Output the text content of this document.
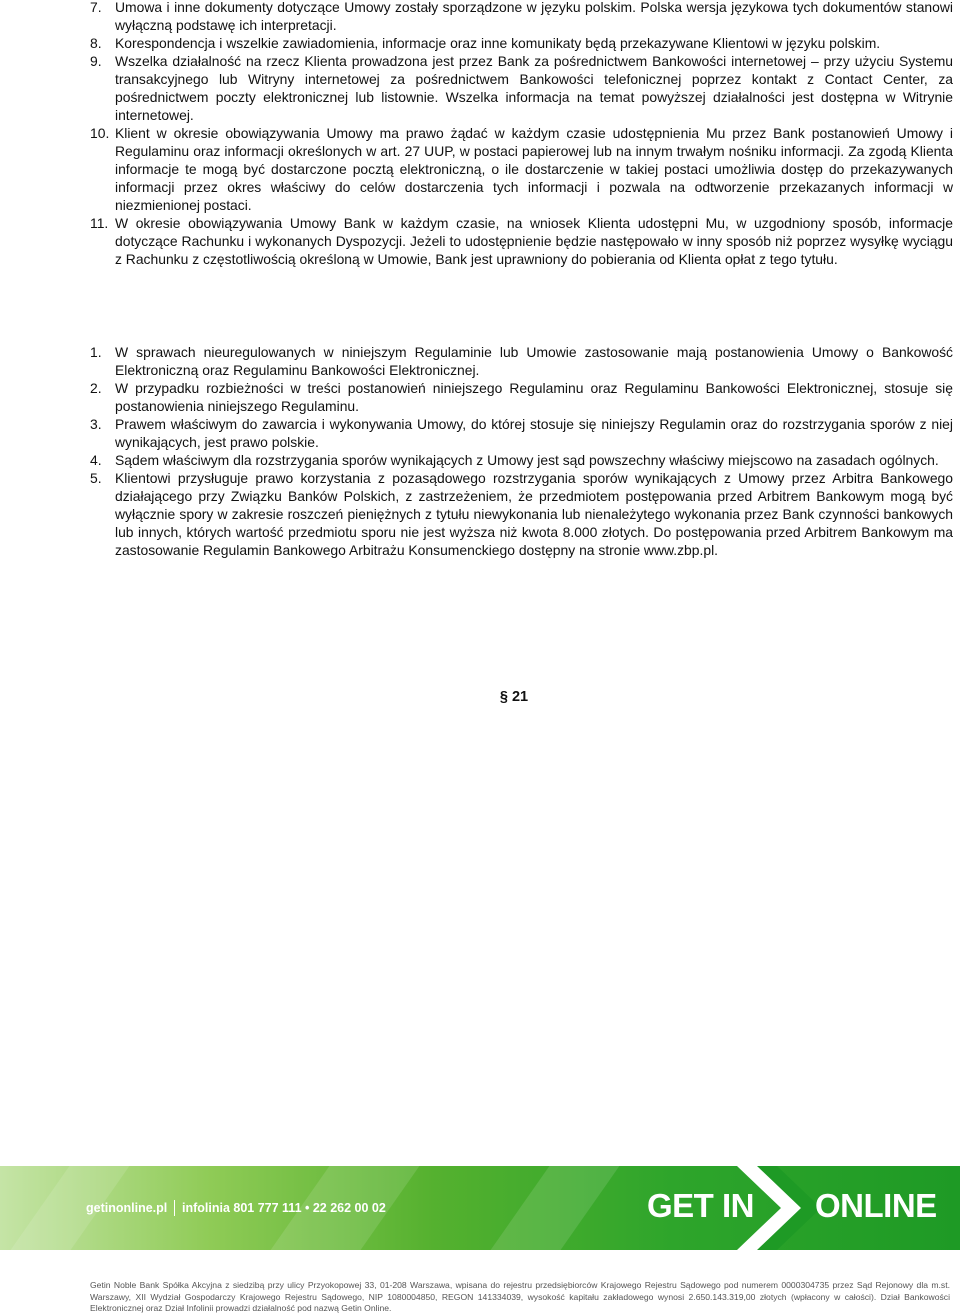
7. Umowa i inne dokumenty dotyczące Umowy zostały sporządzone w języku polskim. Polska wersja językowa tych dokumentów stanowi wyłączną podstawę ich interpretacji.
8. Korespondencja i wszelkie zawiadomienia, informacje oraz inne komunikaty będą przekazywane Klientowi w języku polskim.
9. Wszelka działalność na rzecz Klienta prowadzona jest przez Bank za pośrednictwem Bankowości internetowej – przy użyciu Systemu transakcyjnego lub Witryny internetowej za pośrednictwem Bankowości telefonicznej poprzez kontakt z Contact Center, za pośrednictwem poczty elektronicznej lub listownie. Wszelka informacja na temat powyższej działalności jest dostępna w Witrynie internetowej.
10. Klient w okresie obowiązywania Umowy ma prawo żądać w każdym czasie udostępnienia Mu przez Bank postanowień Umowy i Regulaminu oraz informacji określonych w art. 27 UUP, w postaci papierowej lub na innym trwałym nośniku informacji. Za zgodą Klienta informacje te mogą być dostarczone pocztą elektroniczną, o ile dostarczenie w takiej postaci umożliwia dostęp do przekazywanych informacji przez okres właściwy do celów dostarczenia tych informacji i pozwala na odtworzenie przekazanych informacji w niezmienionej postaci.
11. W okresie obowiązywania Umowy Bank w każdym czasie, na wniosek Klienta udostępni Mu, w uzgodniony sposób, informacje dotyczące Rachunku i wykonanych Dyspozycji. Jeżeli to udostępnienie będzie następowało w inny sposób niż poprzez wysyłkę wyciągu z Rachunku z częstotliwością określoną w Umowie, Bank jest uprawniony do pobierania od Klienta opłat z tego tytułu.
§ 21
1. W sprawach nieuregulowanych w niniejszym Regulaminie lub Umowie zastosowanie mają postanowienia Umowy o Bankowość Elektroniczną oraz Regulaminu Bankowości Elektronicznej.
2. W przypadku rozbieżności w treści postanowień niniejszego Regulaminu oraz Regulaminu Bankowości Elektronicznej, stosuje się postanowienia niniejszego Regulaminu.
3. Prawem właściwym do zawarcia i wykonywania Umowy, do której stosuje się niniejszy Regulamin oraz do rozstrzygania sporów z niej wynikających, jest prawo polskie.
4. Sądem właściwym dla rozstrzygania sporów wynikających z Umowy jest sąd powszechny właściwy miejscowo na zasadach ogólnych.
5. Klientowi przysługuje prawo korzystania z pozasądowego rozstrzygania sporów wynikających z Umowy przez Arbitra Bankowego działającego przy Związku Banków Polskich, z zastrzeżeniem, że przedmiotem postępowania przed Arbitrem Bankowym mogą być wyłącznie spory w zakresie roszczeń pieniężnych z tytułu niewykonania lub nienależytego wykonania przez Bank czynności bankowych lub innych, których wartość przedmiotu sporu nie jest wyższa niż kwota 8.000 złotych. Do postępowania przed Arbitrem Bankowym ma zastosowanie Regulamin Bankowego Arbitrażu Konsumenckiego dostępny na stronie www.zbp.pl.
getinonline.pl infolinia 801 777 111 • 22 262 00 02	GET IN ONLINE
Getin Noble Bank Spółka Akcyjna z siedzibą przy ulicy Przyokopowej 33, 01-208 Warszawa, wpisana do rejestru przedsiębiorców Krajowego Rejestru Sądowego pod numerem 0000304735 przez Sąd Rejonowy dla m.st. Warszawy, XII Wydział Gospodarczy Krajowego Rejestru Sądowego, NIP 1080004850, REGON 141334039, wysokość kapitału zakładowego wynosi 2.650.143.319,00 złotych (wpłacony w całości). Dział Bankowości Elektronicznej oraz Dział Infolinii prowadzi działalność pod nazwą Getin Online.
